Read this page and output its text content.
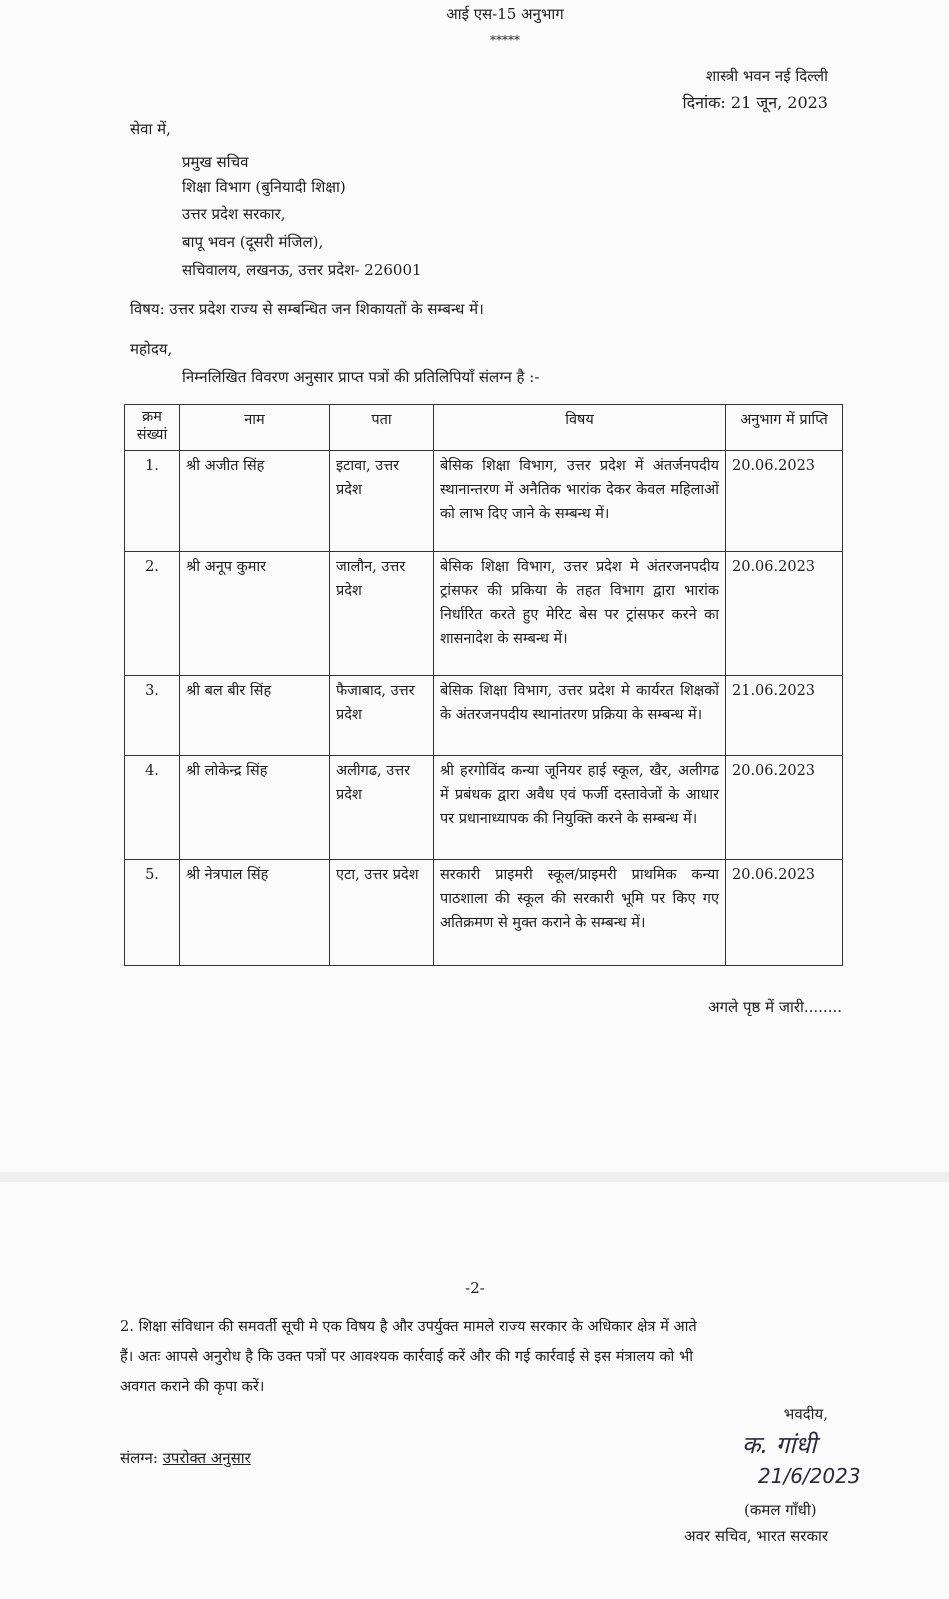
आई एस-15 अनुभाग
*****
शास्त्री भवन नई दिल्ली
दिनांक: 21 जून, 2023
सेवा में,
प्रमुख सचिव
शिक्षा विभाग (बुनियादी शिक्षा)
उत्तर प्रदेश सरकार,
बापू भवन (दूसरी मंजिल),
सचिवालय, लखनऊ, उत्तर प्रदेश- 226001
विषय: उत्तर प्रदेश राज्य से सम्बन्धित जन शिकायतों के सम्बन्ध में।
महोदय,
निम्नलिखित विवरण अनुसार प्राप्त पत्रों की प्रतिलिपियाँ संलग्न है :-
क्रम संख्यां	नाम	पता	विषय	अनुभाग में प्राप्ति
1.	श्री अजीत सिंह	इटावा, उत्तर प्रदेश	बेसिक शिक्षा विभाग, उत्तर प्रदेश में अंतर्जनपदीय स्थानान्तरण में अनैतिक भारांक देकर केवल महिलाओं को लाभ दिए जाने के सम्बन्ध में।	20.06.2023
2.	श्री अनूप कुमार	जालौन, उत्तर प्रदेश	बेसिक शिक्षा विभाग, उत्तर प्रदेश मे अंतरजनपदीय ट्रांसफर की प्रकिया के तहत विभाग द्वारा भारांक निर्धारित करते हुए मेरिट बेस पर ट्रांसफर करने का शासनादेश के सम्बन्ध में।	20.06.2023
3.	श्री बल बीर सिंह	फैजाबाद, उत्तर प्रदेश	बेसिक शिक्षा विभाग, उत्तर प्रदेश मे कार्यरत शिक्षकों के अंतरजनपदीय स्थानांतरण प्रक्रिया के सम्बन्ध में।	21.06.2023
4.	श्री लोकेन्द्र सिंह	अलीगढ, उत्तर प्रदेश	श्री हरगोविंद कन्या जूनियर हाई स्कूल, खैर, अलीगढ में प्रबंधक द्वारा अवैध एवं फर्जी दस्तावेजों के आधार पर प्रधानाध्यापक की नियुक्ति करने के सम्बन्ध में।	20.06.2023
5.	श्री नेत्रपाल सिंह	एटा, उत्तर प्रदेश	सरकारी प्राइमरी स्कूल/प्राइमरी प्राथमिक कन्या पाठशाला की स्कूल की सरकारी भूमि पर किए गए अतिक्रमण से मुक्त कराने के सम्बन्ध में।	20.06.2023
अगले पृष्ठ में जारी........
-2-
2. शिक्षा संविधान की समवर्ती सूची मे एक विषय है और उपर्युक्त मामले राज्य सरकार के अधिकार क्षेत्र में आते
हैं। अतः आपसे अनुरोध है कि उक्त पत्रों पर आवश्यक कार्रवाई करें और की गई कार्रवाई से इस मंत्रालय को भी
अवगत कराने की कृपा करें।
भवदीय,
संलग्न: उपरोक्त अनुसार	क. गांधी
21/6/2023
(कमल गाँधी)
अवर सचिव, भारत सरकार
